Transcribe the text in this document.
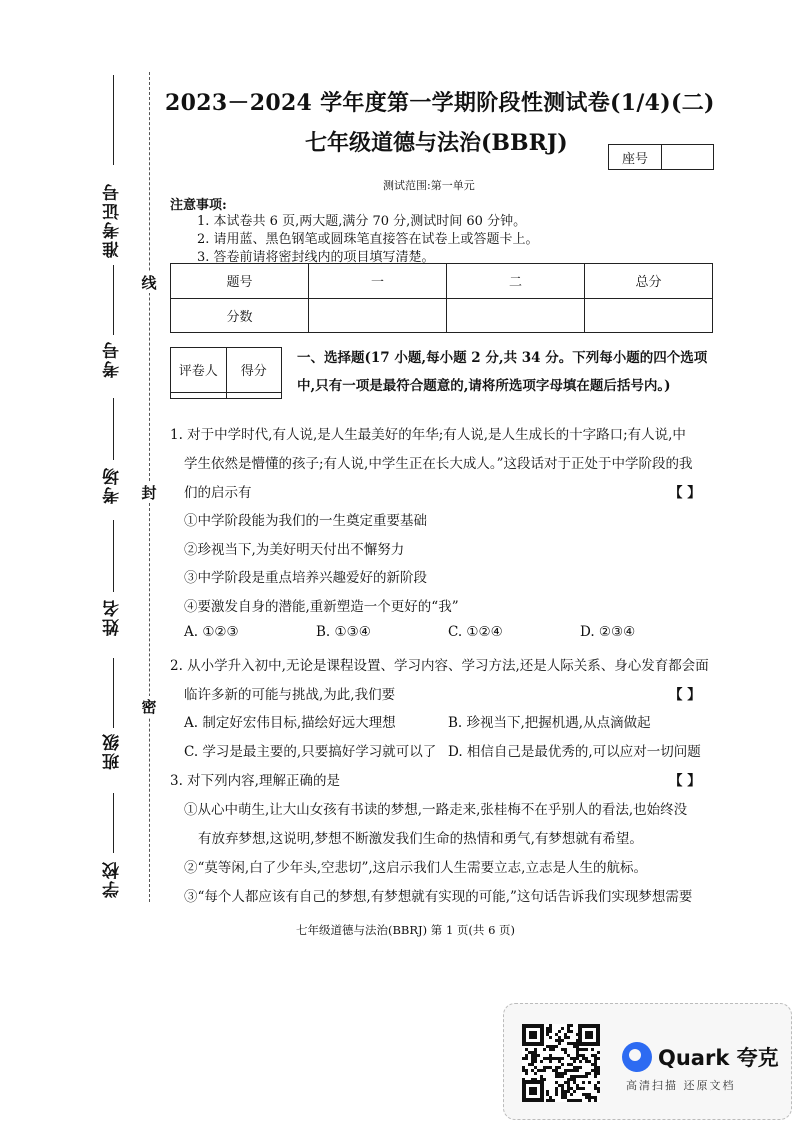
准考证号
考号
考场
姓名
班级
学校
线
封
密
2023－2024 学年度第一学期阶段性测试卷(1/4)(二)
七年级道德与法治(BBRJ)
座号
测试范围:第一单元
注意事项:
1. 本试卷共 6 页,两大题,满分 70 分,测试时间 60 分钟。
2. 请用蓝、黑色钢笔或圆珠笔直接答在试卷上或答题卡上。
3. 答卷前请将密封线内的项目填写清楚。
题号	一	二	总分
分数			
评卷人	得分

一、选择题(17 小题,每小题 2 分,共 34 分。下列每小题的四个选项
中,只有一项是最符合题意的,请将所选项字母填在题后括号内。)
1. 对于中学时代,有人说,是人生最美好的年华;有人说,是人生成长的十字路口;有人说,中
学生依然是懵懂的孩子;有人说,中学生正在长大成人。”这段话对于正处于中学阶段的我
们的启示有	【 】
①中学阶段能为我们的一生奠定重要基础
②珍视当下,为美好明天付出不懈努力
③中学阶段是重点培养兴趣爱好的新阶段
④要激发自身的潜能,重新塑造一个更好的“我”
A. ①②③	B. ①③④	C. ①②④	D. ②③④
2. 从小学升入初中,无论是课程设置、学习内容、学习方法,还是人际关系、身心发育都会面
临许多新的可能与挑战,为此,我们要	【 】
A. 制定好宏伟目标,描绘好远大理想	B. 珍视当下,把握机遇,从点滴做起
C. 学习是最主要的,只要搞好学习就可以了 D. 相信自己是最优秀的,可以应对一切问题
3. 对下列内容,理解正确的是	【 】
①从心中萌生,让大山女孩有书读的梦想,一路走来,张桂梅不在乎别人的看法,也始终没
有放弃梦想,这说明,梦想不断激发我们生命的热情和勇气,有梦想就有希望。
②“莫等闲,白了少年头,空悲切”,这启示我们人生需要立志,立志是人生的航标。
③“每个人都应该有自己的梦想,有梦想就有实现的可能,”这句话告诉我们实现梦想需要
七年级道德与法治(BBRJ) 第 1 页(共 6 页)
Quark 夸克
高清扫描 还原文档
